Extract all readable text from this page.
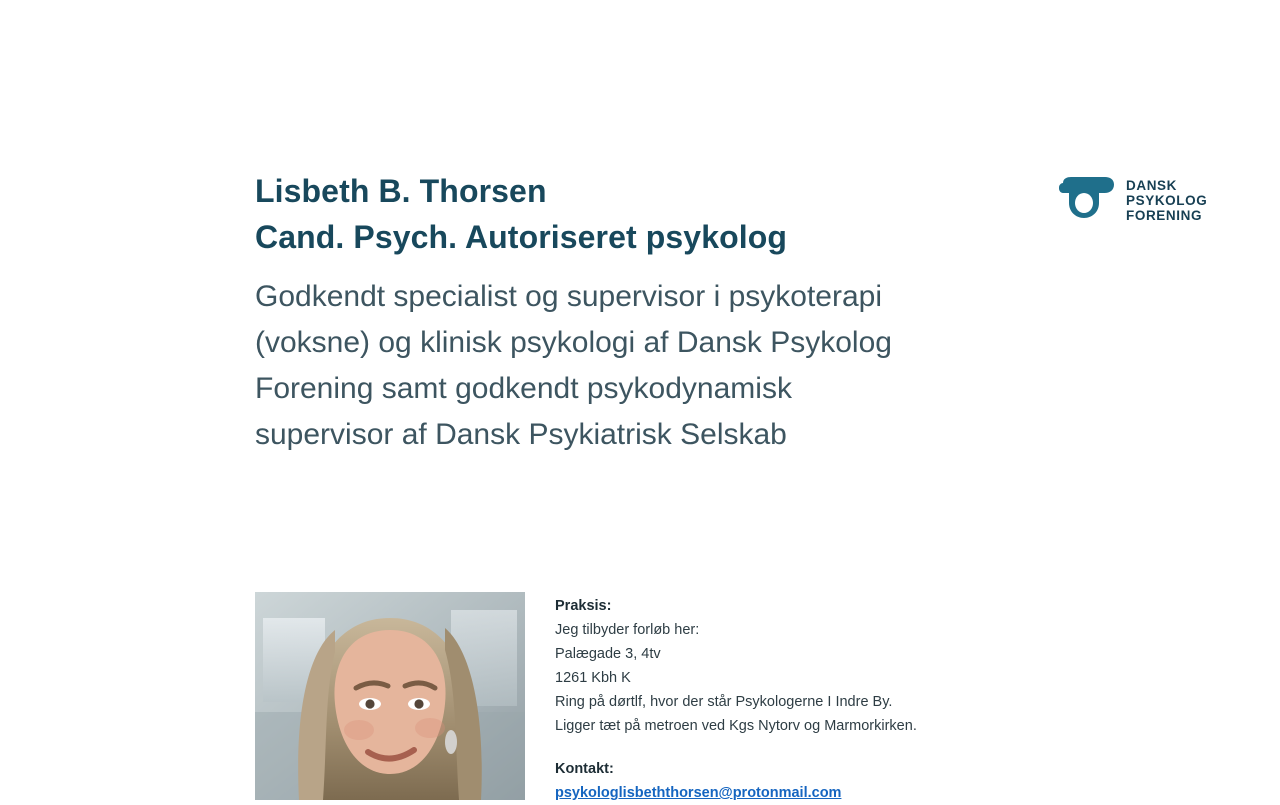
Lisbeth B. Thorsen
Cand. Psych. Autoriseret psykolog
Godkendt specialist og supervisor i psykoterapi (voksne) og klinisk psykologi af Dansk Psykolog Forening samt godkendt psykodynamisk supervisor af Dansk Psykiatrisk Selskab
DANSK
PSYKOLOG
FORENING
Praksis:
Jeg tilbyder forløb her:
Palægade 3, 4tv
1261 Kbh K
Ring på dørtlf, hvor der står Psykologerne I Indre By.
Ligger tæt på metroen ved Kgs Nytorv og Marmorkirken.
Kontakt:
psykologlisbeththorsen@protonmail.com
